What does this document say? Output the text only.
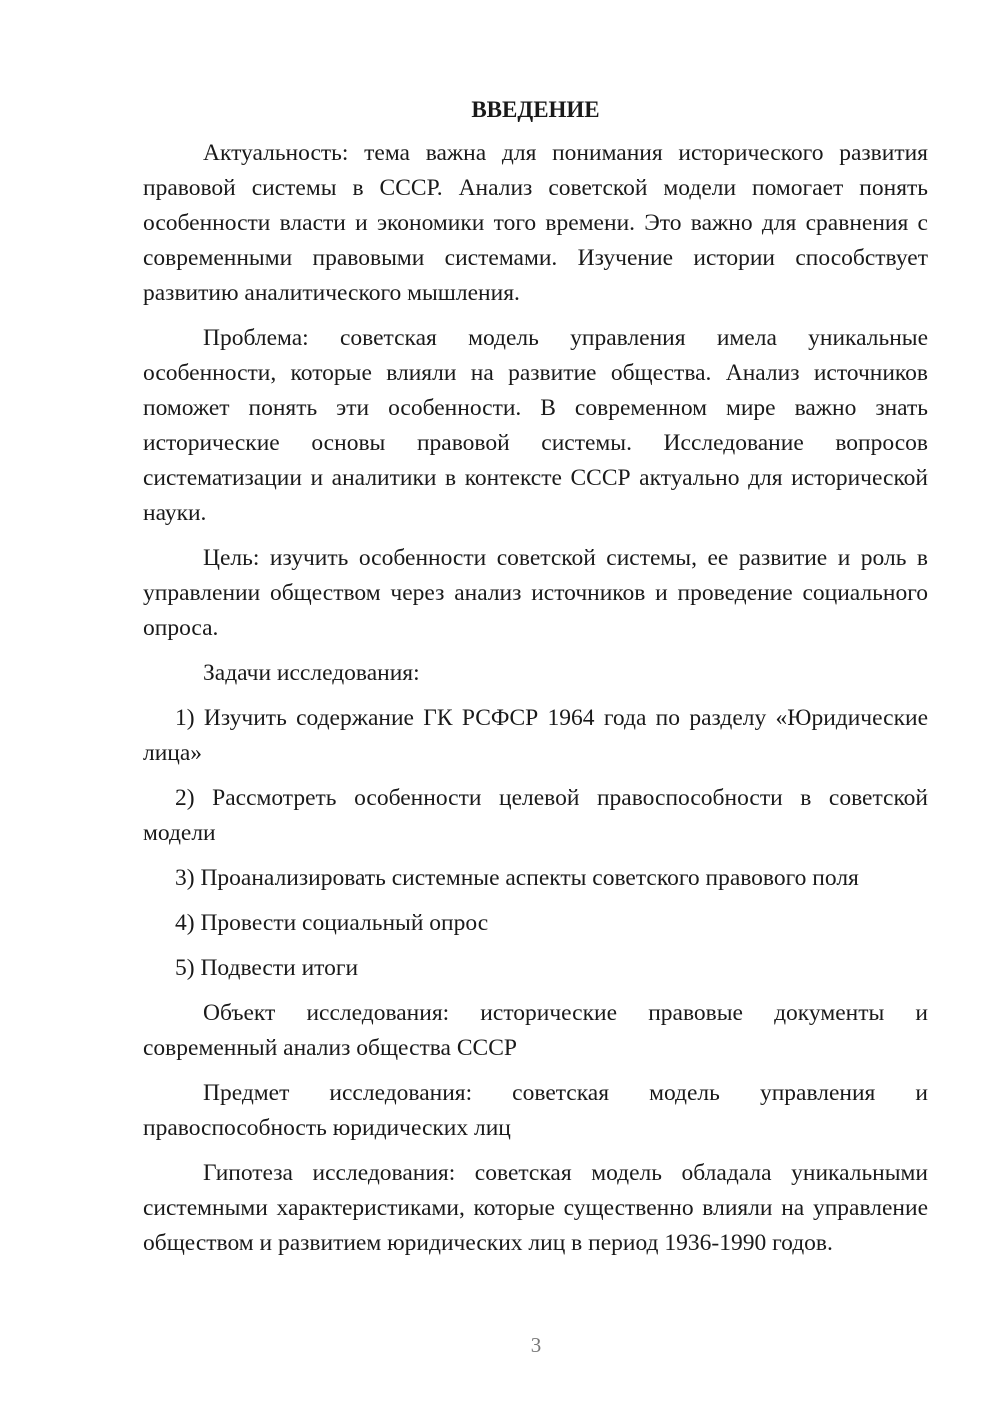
ВВЕДЕНИЕ

Актуальность: тема важна для понимания исторического развития правовой системы в СССР. Анализ советской модели помогает понять особенности власти и экономики того времени. Это важно для сравнения с современными правовыми системами. Изучение истории способствует развитию аналитического мышления.

Проблема: советская модель управления имела уникальные особенности, которые влияли на развитие общества. Анализ источников поможет понять эти особенности. В современном мире важно знать исторические основы правовой системы. Исследование вопросов систематизации и аналитики в контексте СССР актуально для исторической науки.

Цель: изучить особенности советской системы, ее развитие и роль в управлении обществом через анализ источников и проведение социального опроса.

Задачи исследования:

1) Изучить содержание ГК РСФСР 1964 года по разделу «Юридические лица»

2) Рассмотреть особенности целевой правоспособности в советской модели

3) Проанализировать системные аспекты советского правового поля

4) Провести социальный опрос

5) Подвести итоги

Объект исследования: исторические правовые документы и современный анализ общества СССР

Предмет исследования: советская модель управления и правоспособность юридических лиц

Гипотеза исследования: советская модель обладала уникальными системными характеристиками, которые существенно влияли на управление обществом и развитием юридических лиц в период 1936-1990 годов.

3
